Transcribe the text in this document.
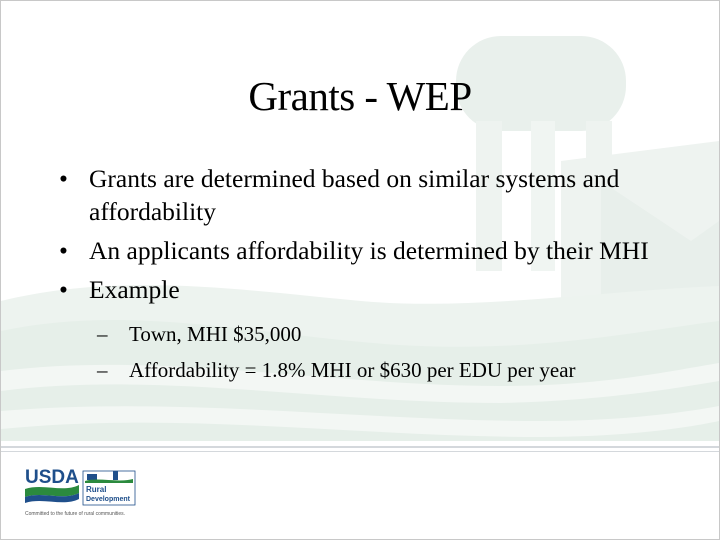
Grants - WEP
• Grants are determined based on similar systems and affordability
• An applicants affordability is determined by their MHI
• Example
– Town, MHI $35,000
– Affordability = 1.8% MHI or $630 per EDU per year
USDA
Rural
Development
Committed to the future of rural communities.
